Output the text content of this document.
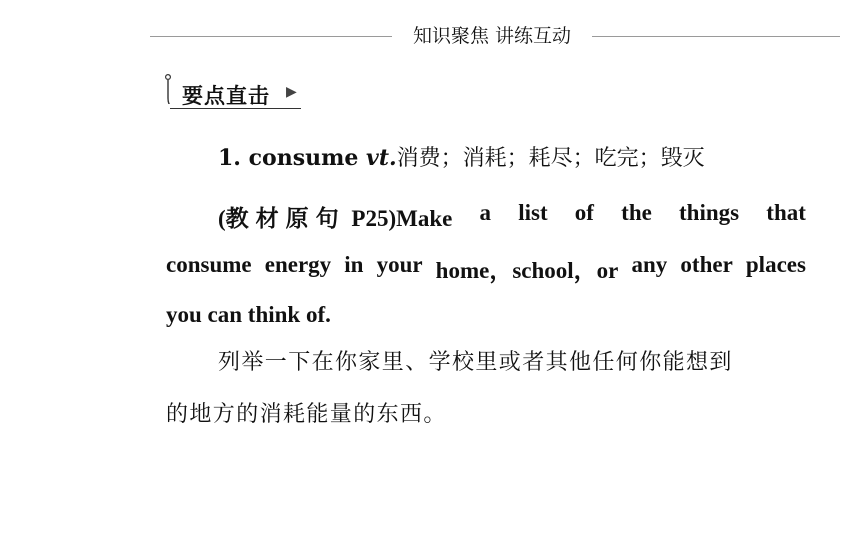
知识聚焦 讲练互动
要点直击 ▶
1. consume vt.消费；消耗；耗尽；吃完；毁灭
(教材原句 P25)Make a list of the things that
consume energy in your home，school，or any other places
you can think of.
列举一下在你家里、学校里或者其他任何你能想到
的地方的消耗能量的东西。
